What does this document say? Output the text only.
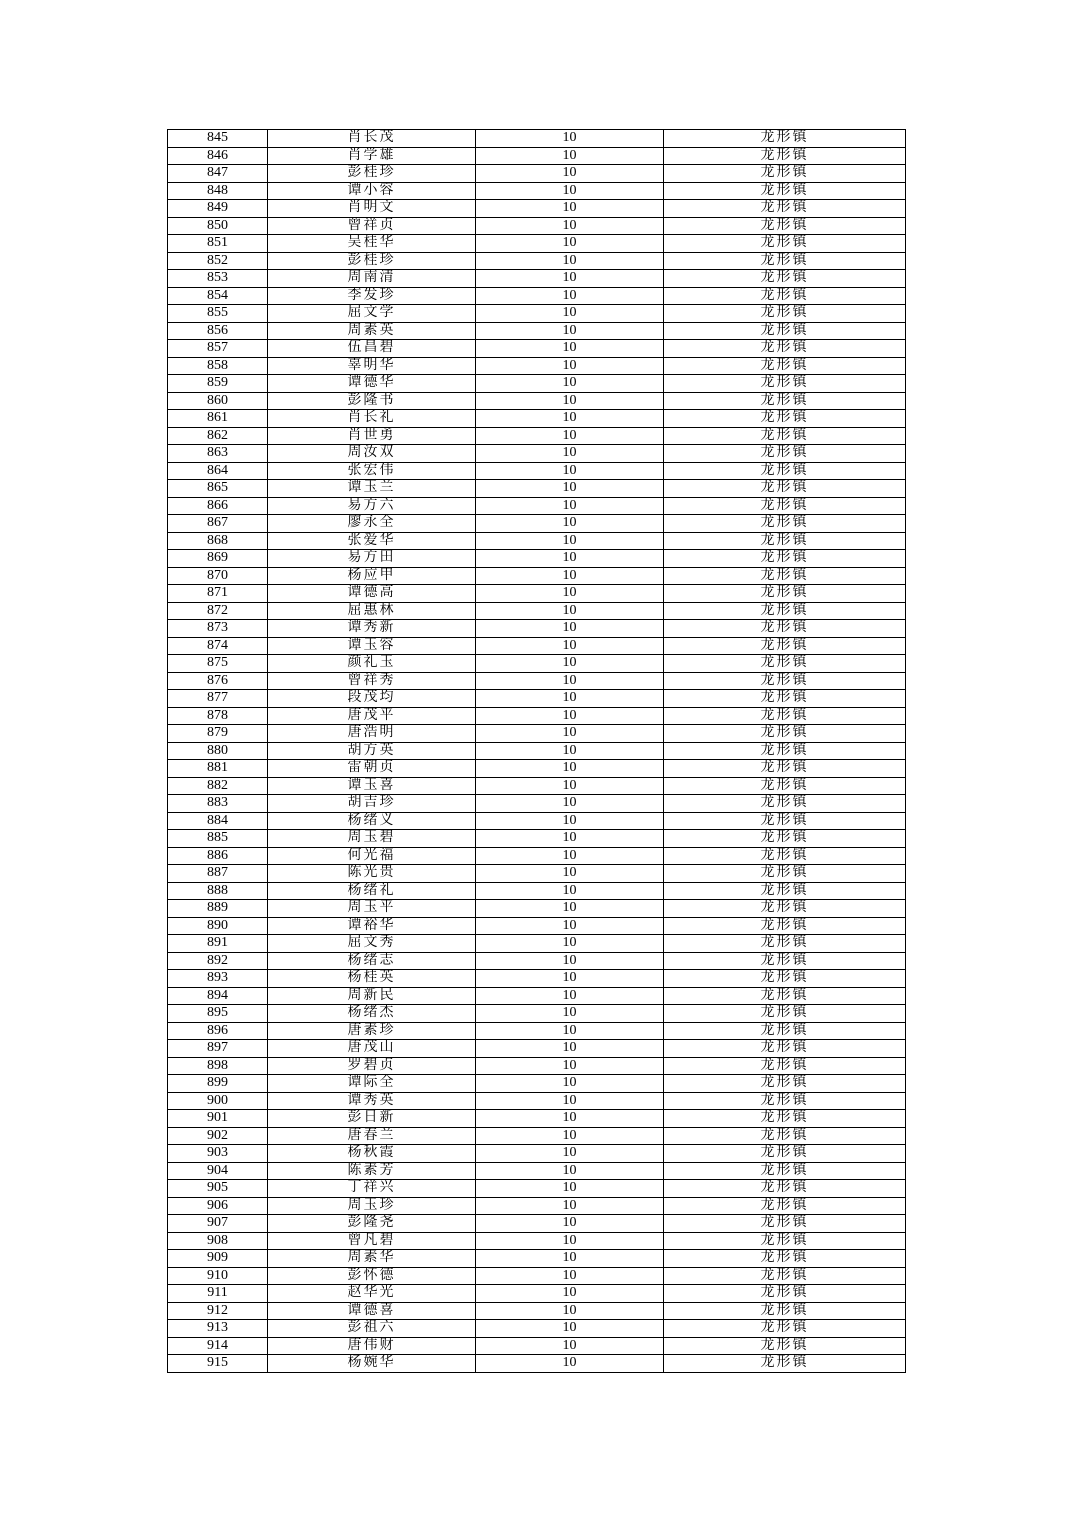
845	肖长茂	10	龙形镇
846	肖学雄	10	龙形镇
847	彭桂珍	10	龙形镇
848	谭小容	10	龙形镇
849	肖明文	10	龙形镇
850	曾祥贞	10	龙形镇
851	吴桂华	10	龙形镇
852	彭桂珍	10	龙形镇
853	周南清	10	龙形镇
854	李发珍	10	龙形镇
855	屈文学	10	龙形镇
856	周素英	10	龙形镇
857	伍昌碧	10	龙形镇
858	辜明华	10	龙形镇
859	谭德华	10	龙形镇
860	彭隆书	10	龙形镇
861	肖长礼	10	龙形镇
862	肖世勇	10	龙形镇
863	周汝双	10	龙形镇
864	张宏伟	10	龙形镇
865	谭玉兰	10	龙形镇
866	易方六	10	龙形镇
867	廖永全	10	龙形镇
868	张爱华	10	龙形镇
869	易方田	10	龙形镇
870	杨应甲	10	龙形镇
871	谭德高	10	龙形镇
872	屈惠林	10	龙形镇
873	谭秀新	10	龙形镇
874	谭玉容	10	龙形镇
875	颜礼玉	10	龙形镇
876	曾祥秀	10	龙形镇
877	段茂均	10	龙形镇
878	唐茂平	10	龙形镇
879	唐浩明	10	龙形镇
880	胡方英	10	龙形镇
881	雷朝贞	10	龙形镇
882	谭玉喜	10	龙形镇
883	胡吉珍	10	龙形镇
884	杨绪义	10	龙形镇
885	周玉碧	10	龙形镇
886	何光福	10	龙形镇
887	陈光贵	10	龙形镇
888	杨绪礼	10	龙形镇
889	周玉平	10	龙形镇
890	谭裕华	10	龙形镇
891	屈文秀	10	龙形镇
892	杨绪志	10	龙形镇
893	杨桂英	10	龙形镇
894	周新民	10	龙形镇
895	杨绪杰	10	龙形镇
896	唐素珍	10	龙形镇
897	唐茂山	10	龙形镇
898	罗碧贞	10	龙形镇
899	谭际全	10	龙形镇
900	谭秀英	10	龙形镇
901	彭日新	10	龙形镇
902	唐春兰	10	龙形镇
903	杨秋霞	10	龙形镇
904	陈素芳	10	龙形镇
905	丁祥兴	10	龙形镇
906	周玉珍	10	龙形镇
907	彭隆尧	10	龙形镇
908	曾凡碧	10	龙形镇
909	周素华	10	龙形镇
910	彭怀德	10	龙形镇
911	赵华光	10	龙形镇
912	谭德喜	10	龙形镇
913	彭祖六	10	龙形镇
914	唐伟财	10	龙形镇
915	杨婉华	10	龙形镇
